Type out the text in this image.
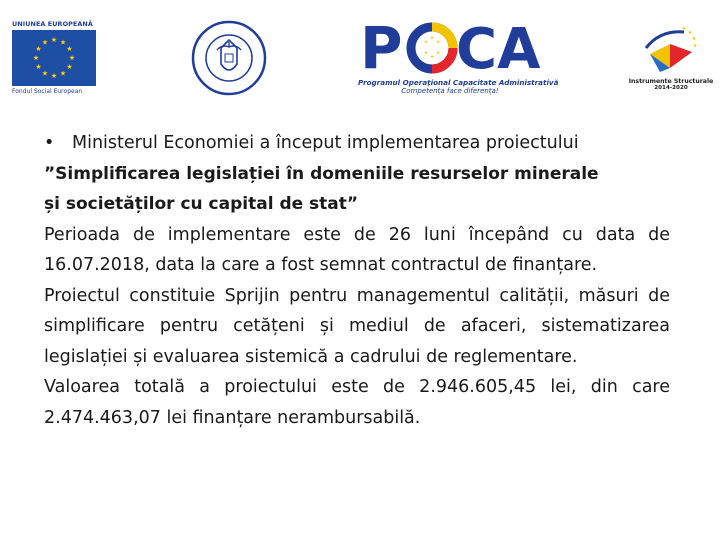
UNIUNEA EUROPEANĂ
★ ★
★
★
★
★
★
★
★
★
★
★
Fondul Social European
P	★
★
★
★
★
★ CA
Programul Operațional Capacitate Administrativă
Competența face diferența!
★
★
★
★
Instrumente Structurale
2014-2020

• Ministerul Economiei a început implementarea proiectului

”Simplificarea legislației în domeniile resurselor minerale

și societăților cu capital de stat”

Perioada de implementare este de 26 luni începând cu data de 16.07.2018, data la care a fost semnat contractul de finanțare.

Proiectul constituie Sprijin pentru managementul calității, măsuri de simplificare pentru cetățeni și mediul de afaceri, sistematizarea legislației și evaluarea sistemică a cadrului de reglementare.

Valoarea totală a proiectului este de 2.946.605,45 lei, din care 2.474.463,07 lei finanțare nerambursabilă.
